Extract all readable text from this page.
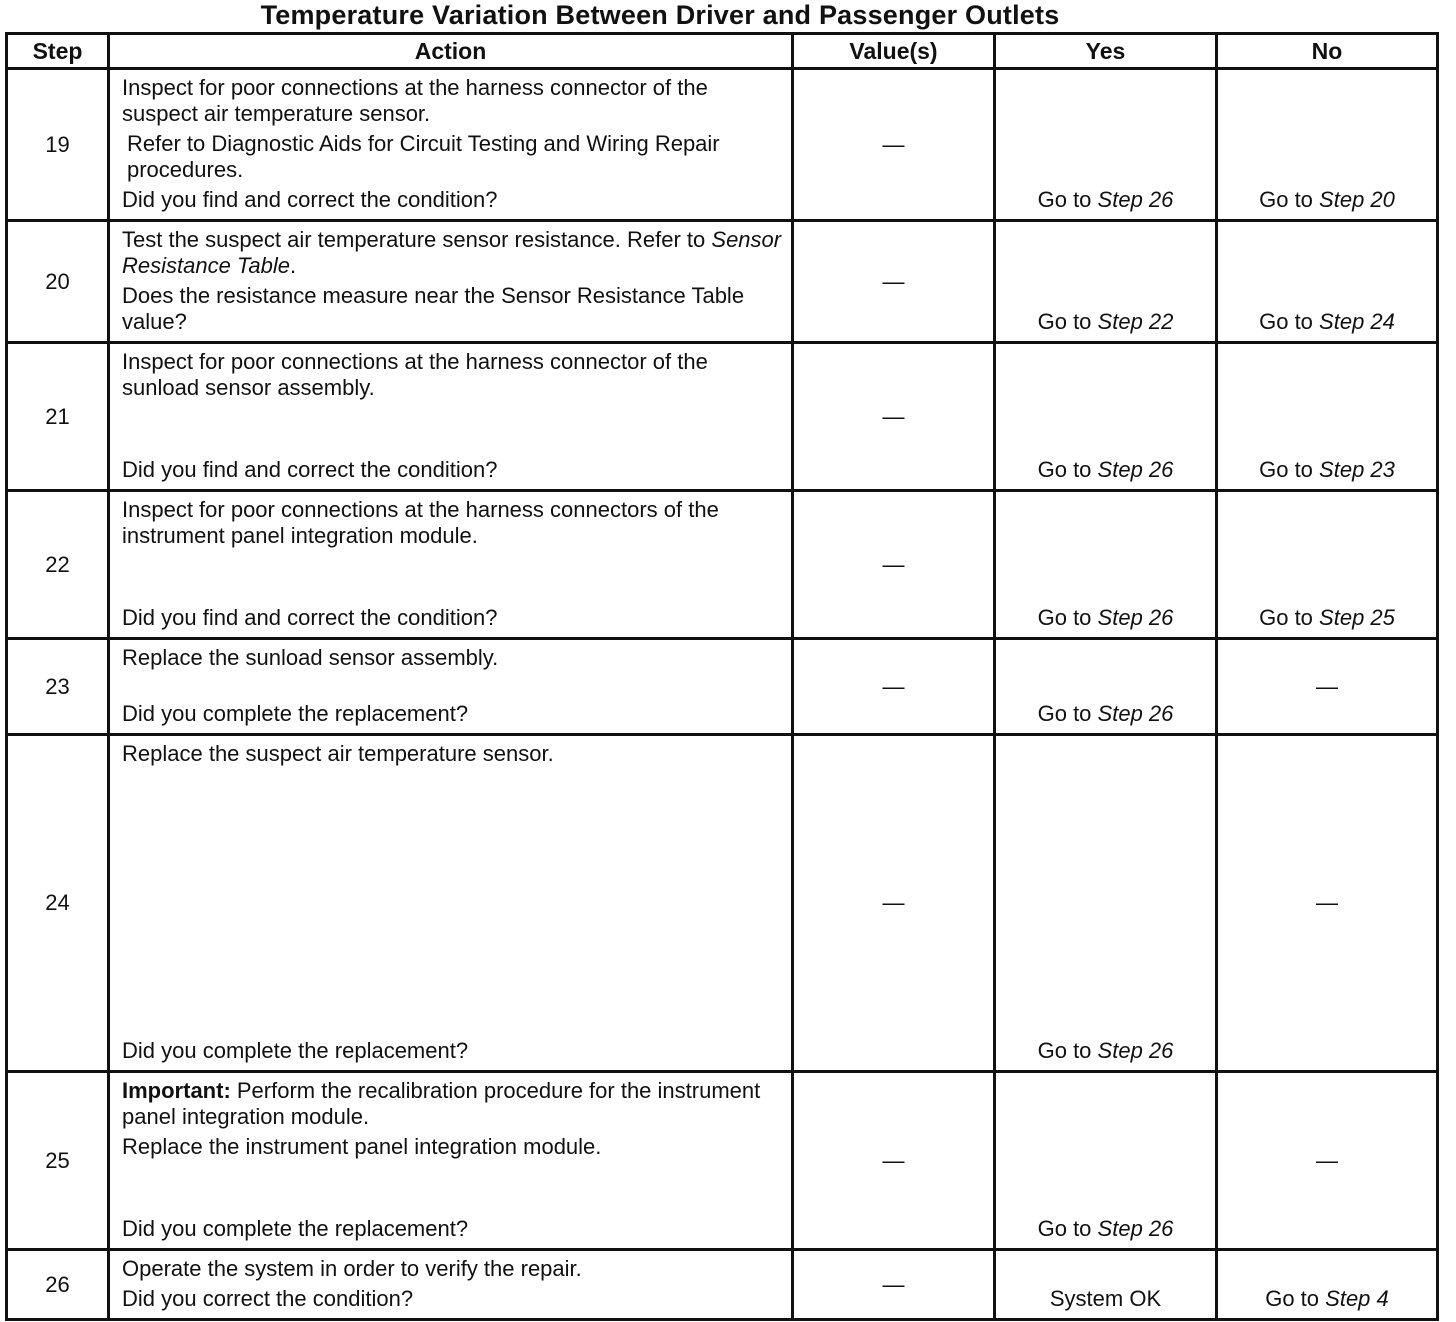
Temperature Variation Between Driver and Passenger Outlets
Step	Action	Value(s)	Yes	No
19	Inspect for poor connections at the harness connector of the suspect air temperature sensor.

Refer to Diagnostic Aids for Circuit Testing and Wiring Repair procedures.

Did you find and correct the condition?	—	Go to Step 26	Go to Step 20
20	Test the suspect air temperature sensor resistance. Refer to Sensor Resistance Table.

Does the resistance measure near the Sensor Resistance Table value?	—	Go to Step 22	Go to Step 24
21	Inspect for poor connections at the harness connector of the sunload sensor assembly.

Did you find and correct the condition?	—	Go to Step 26	Go to Step 23
22	Inspect for poor connections at the harness connectors of the instrument panel integration module.

Did you find and correct the condition?	—	Go to Step 26	Go to Step 25
23	Replace the sunload sensor assembly.

Did you complete the replacement?	—	Go to Step 26	—
24	Replace the suspect air temperature sensor.

Did you complete the replacement?	—	Go to Step 26	—
25	Important: Perform the recalibration procedure for the instrument panel integration module.

Replace the instrument panel integration module.

Did you complete the replacement?	—	Go to Step 26	—
26	Operate the system in order to verify the repair.

Did you correct the condition?	—	System OK	Go to Step 4
